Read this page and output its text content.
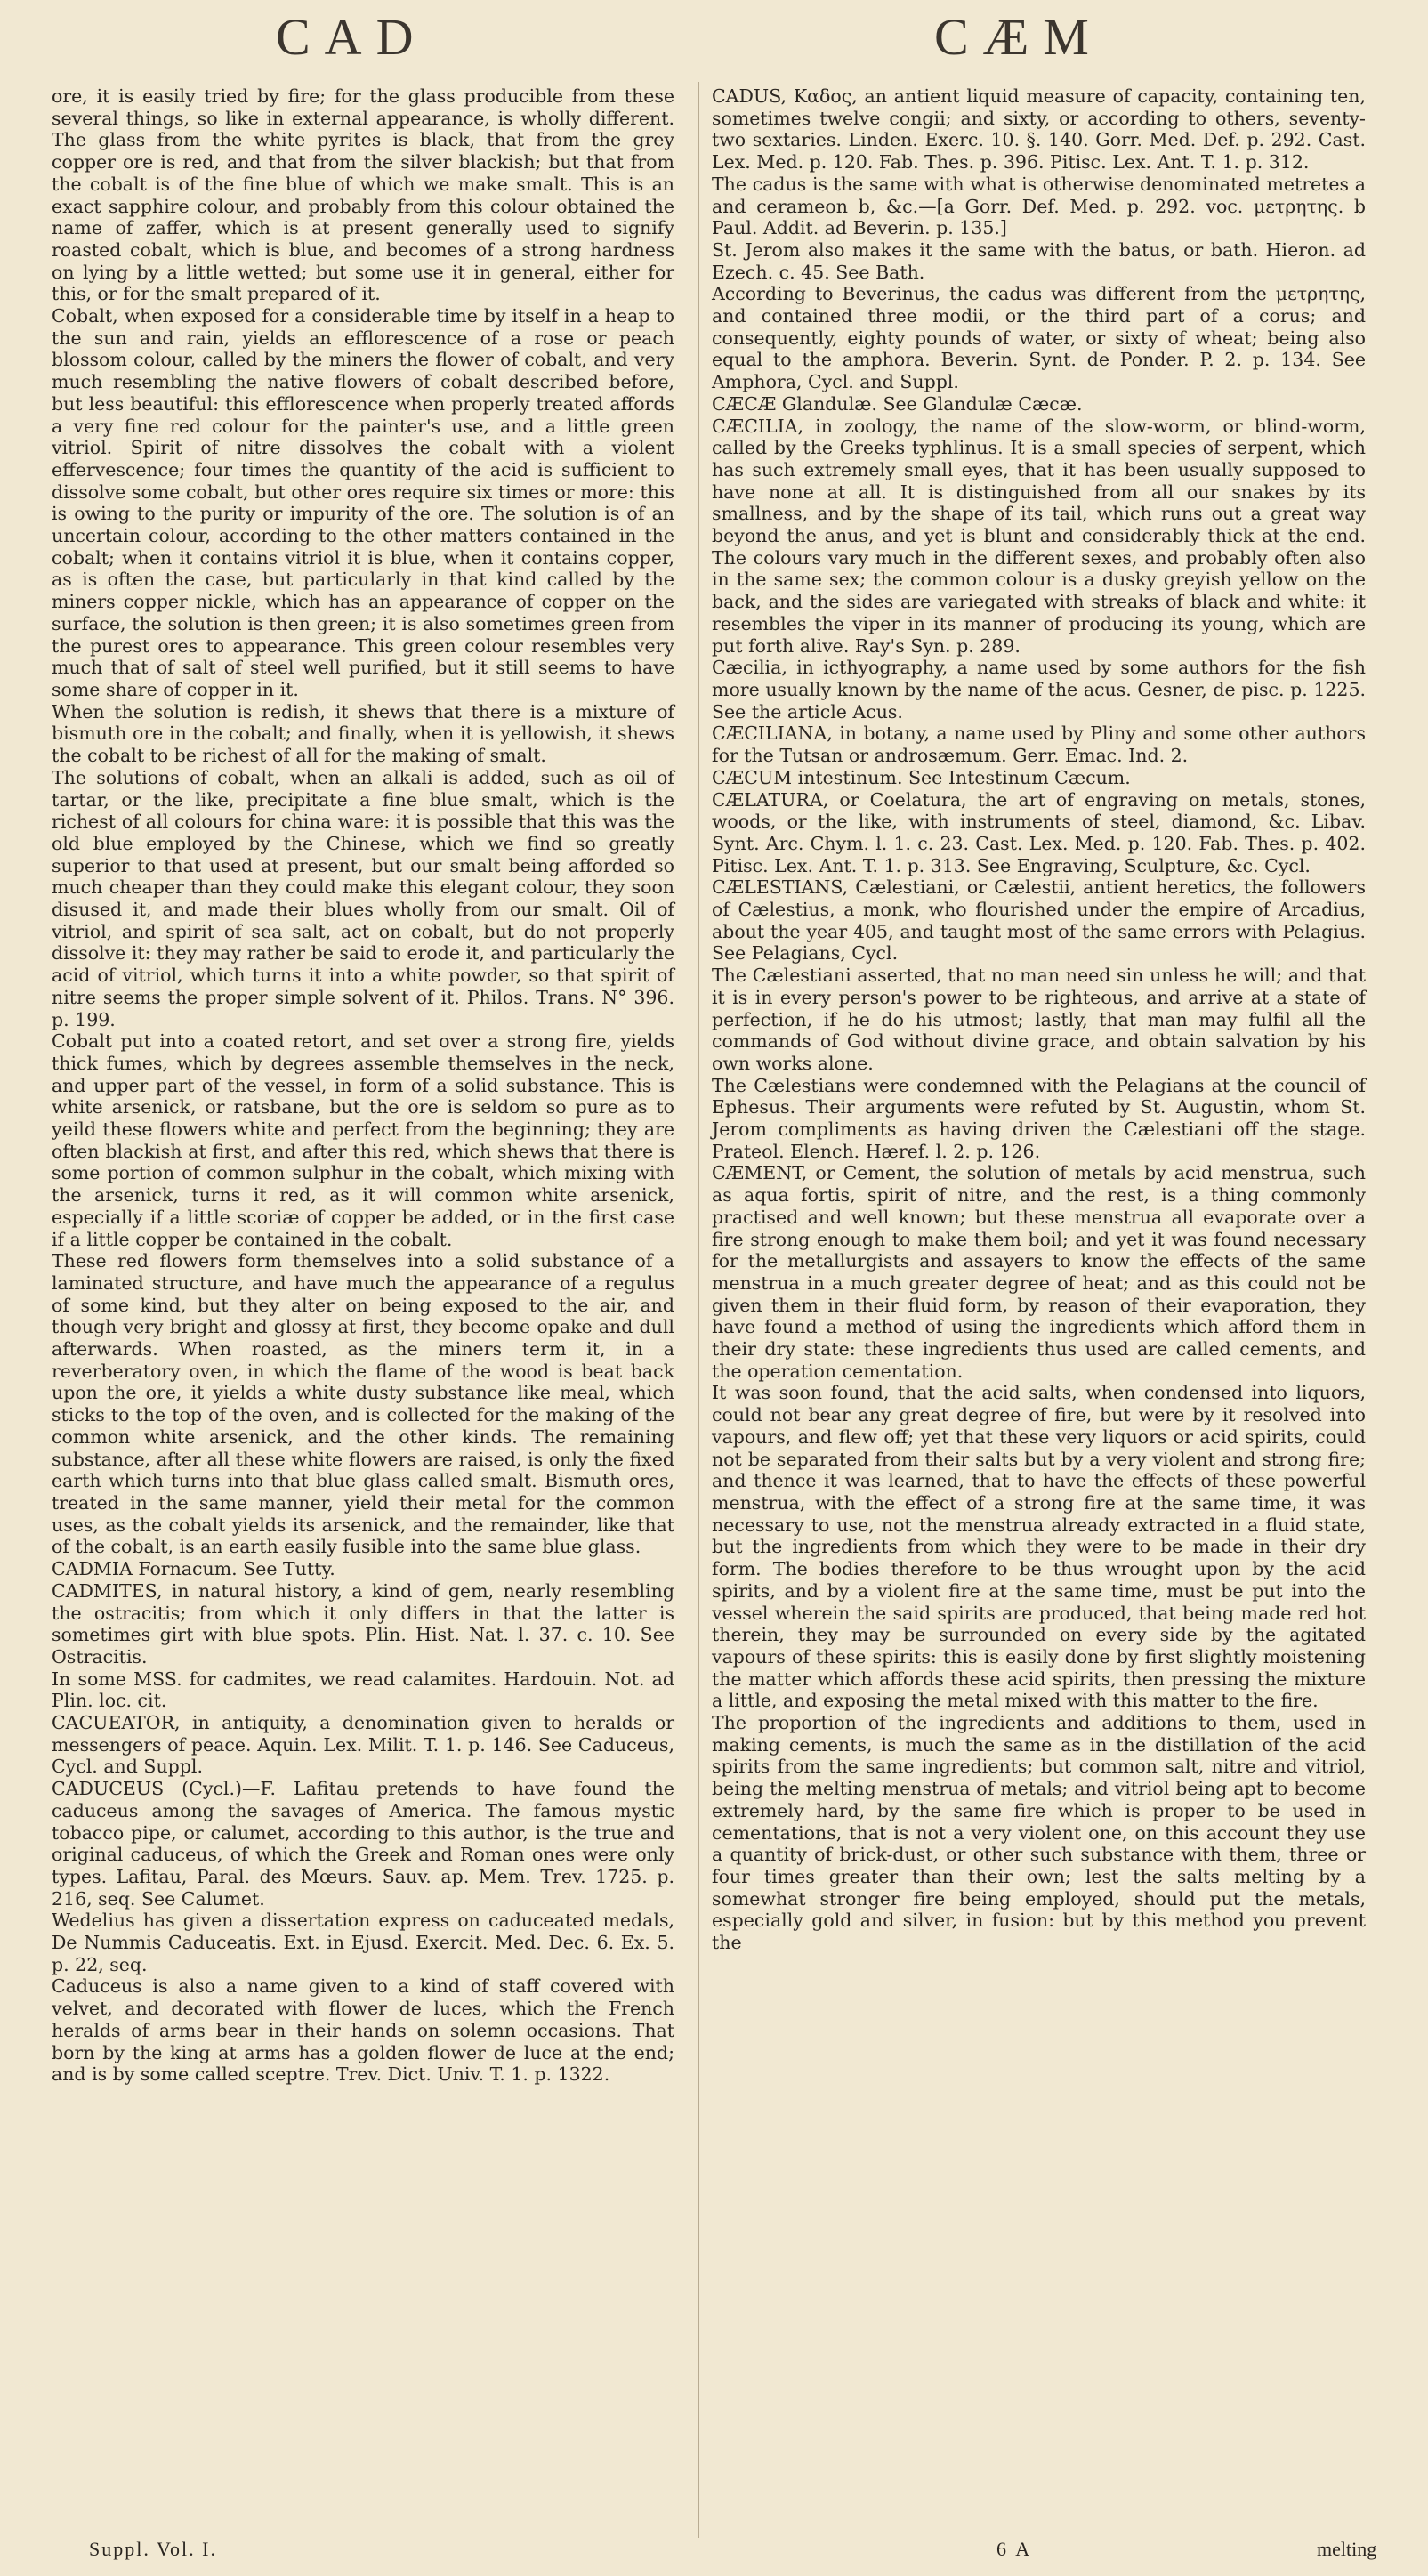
CAD	CÆM

ore, it is easily tried by fire; for the glass producible from these several things, so like in external appearance, is wholly different. The glass from the white pyrites is black, that from the grey copper ore is red, and that from the silver blackish; but that from the cobalt is of the fine blue of which we make smalt. This is an exact sapphire colour, and probably from this colour obtained the name of zaffer, which is at present generally used to signify roasted cobalt, which is blue, and becomes of a strong hardness on lying by a little wetted; but some use it in general, either for this, or for the smalt prepared of it.

Cobalt, when exposed for a considerable time by itself in a heap to the sun and rain, yields an efflorescence of a rose or peach blossom colour, called by the miners the flower of cobalt, and very much resembling the native flowers of cobalt described before, but less beautiful: this efflorescence when properly treated affords a very fine red colour for the painter's use, and a little green vitriol. Spirit of nitre dissolves the cobalt with a violent effervescence; four times the quantity of the acid is sufficient to dissolve some cobalt, but other ores require six times or more: this is owing to the purity or impurity of the ore. The solution is of an uncertain colour, according to the other matters contained in the cobalt; when it contains vitriol it is blue, when it contains copper, as is often the case, but particularly in that kind called by the miners copper nickle, which has an appearance of copper on the surface, the solution is then green; it is also sometimes green from the purest ores to appearance. This green colour resembles very much that of salt of steel well purified, but it still seems to have some share of copper in it.

When the solution is redish, it shews that there is a mixture of bismuth ore in the cobalt; and finally, when it is yellowish, it shews the cobalt to be richest of all for the making of smalt.

The solutions of cobalt, when an alkali is added, such as oil of tartar, or the like, precipitate a fine blue smalt, which is the richest of all colours for china ware: it is possible that this was the old blue employed by the Chinese, which we find so greatly superior to that used at present, but our smalt being afforded so much cheaper than they could make this elegant colour, they soon disused it, and made their blues wholly from our smalt. Oil of vitriol, and spirit of sea salt, act on cobalt, but do not properly dissolve it: they may rather be said to erode it, and particularly the acid of vitriol, which turns it into a white powder, so that spirit of nitre seems the proper simple solvent of it. Philos. Trans. N° 396. p. 199.

Cobalt put into a coated retort, and set over a strong fire, yields thick fumes, which by degrees assemble themselves in the neck, and upper part of the vessel, in form of a solid substance. This is white arsenick, or ratsbane, but the ore is seldom so pure as to yeild these flowers white and perfect from the beginning; they are often blackish at first, and after this red, which shews that there is some portion of common sulphur in the cobalt, which mixing with the arsenick, turns it red, as it will common white arsenick, especially if a little scoriæ of copper be added, or in the first case if a little copper be contained in the cobalt.

These red flowers form themselves into a solid substance of a laminated structure, and have much the appearance of a regulus of some kind, but they alter on being exposed to the air, and though very bright and glossy at first, they become opake and dull afterwards. When roasted, as the miners term it, in a reverberatory oven, in which the flame of the wood is beat back upon the ore, it yields a white dusty substance like meal, which sticks to the top of the oven, and is collected for the making of the common white arsenick, and the other kinds. The remaining substance, after all these white flowers are raised, is only the fixed earth which turns into that blue glass called smalt. Bismuth ores, treated in the same manner, yield their metal for the common uses, as the cobalt yields its arsenick, and the remainder, like that of the cobalt, is an earth easily fusible into the same blue glass.

CADMIA Fornacum. See Tutty.

CADMITES, in natural history, a kind of gem, nearly resembling the ostracitis; from which it only differs in that the latter is sometimes girt with blue spots. Plin. Hist. Nat. l. 37. c. 10. See Ostracitis.

In some MSS. for cadmites, we read calamites. Hardouin. Not. ad Plin. loc. cit.

CACUEATOR, in antiquity, a denomination given to heralds or messengers of peace. Aquin. Lex. Milit. T. 1. p. 146. See Caduceus, Cycl. and Suppl.

CADUCEUS (Cycl.)—F. Lafitau pretends to have found the caduceus among the savages of America. The famous mystic tobacco pipe, or calumet, according to this author, is the true and original caduceus, of which the Greek and Roman ones were only types. Lafitau, Paral. des Mœurs. Sauv. ap. Mem. Trev. 1725. p. 216, seq. See Calumet.

Wedelius has given a dissertation express on caduceated medals, De Nummis Caduceatis. Ext. in Ejusd. Exercit. Med. Dec. 6. Ex. 5. p. 22, seq.

Caduceus is also a name given to a kind of staff covered with velvet, and decorated with flower de luces, which the French heralds of arms bear in their hands on solemn occasions. That born by the king at arms has a golden flower de luce at the end; and is by some called sceptre. Trev. Dict. Univ. T. 1. p. 1322.

CADUS, Καδος, an antient liquid measure of capacity, containing ten, sometimes twelve congii; and sixty, or according to others, seventy-two sextaries. Linden. Exerc. 10. §. 140. Gorr. Med. Def. p. 292. Cast. Lex. Med. p. 120. Fab. Thes. p. 396. Pitisc. Lex. Ant. T. 1. p. 312.

The cadus is the same with what is otherwise denominated metretes a and cerameon b, &c.—[a Gorr. Def. Med. p. 292. voc. μετρητης. b Paul. Addit. ad Beverin. p. 135.]

St. Jerom also makes it the same with the batus, or bath. Hieron. ad Ezech. c. 45. See Bath.

According to Beverinus, the cadus was different from the μετρητης, and contained three modii, or the third part of a corus; and consequently, eighty pounds of water, or sixty of wheat; being also equal to the amphora. Beverin. Synt. de Ponder. P. 2. p. 134. See Amphora, Cycl. and Suppl.

CÆCÆ Glandulæ. See Glandulæ Cæcæ.

CÆCILIA, in zoology, the name of the slow-worm, or blind-worm, called by the Greeks typhlinus. It is a small species of serpent, which has such extremely small eyes, that it has been usually supposed to have none at all. It is distinguished from all our snakes by its smallness, and by the shape of its tail, which runs out a great way beyond the anus, and yet is blunt and considerably thick at the end. The colours vary much in the different sexes, and probably often also in the same sex; the common colour is a dusky greyish yellow on the back, and the sides are variegated with streaks of black and white: it resembles the viper in its manner of producing its young, which are put forth alive. Ray's Syn. p. 289.

Cæcilia, in icthyography, a name used by some authors for the fish more usually known by the name of the acus. Gesner, de pisc. p. 1225. See the article Acus.

CÆCILIANA, in botany, a name used by Pliny and some other authors for the Tutsan or androsæmum. Gerr. Emac. Ind. 2.

CÆCUM intestinum. See Intestinum Cæcum.

CÆLATURA, or Coelatura, the art of engraving on metals, stones, woods, or the like, with instruments of steel, diamond, &c. Libav. Synt. Arc. Chym. l. 1. c. 23. Cast. Lex. Med. p. 120. Fab. Thes. p. 402. Pitisc. Lex. Ant. T. 1. p. 313. See Engraving, Sculpture, &c. Cycl.

CÆLESTIANS, Cælestiani, or Cælestii, antient heretics, the followers of Cælestius, a monk, who flourished under the empire of Arcadius, about the year 405, and taught most of the same errors with Pelagius. See Pelagians, Cycl.

The Cælestiani asserted, that no man need sin unless he will; and that it is in every person's power to be righteous, and arrive at a state of perfection, if he do his utmost; lastly, that man may fulfil all the commands of God without divine grace, and obtain salvation by his own works alone.

The Cælestians were condemned with the Pelagians at the council of Ephesus. Their arguments were refuted by St. Augustin, whom St. Jerom compliments as having driven the Cælestiani off the stage. Prateol. Elench. Hæref. l. 2. p. 126.

CÆMENT, or Cement, the solution of metals by acid menstrua, such as aqua fortis, spirit of nitre, and the rest, is a thing commonly practised and well known; but these menstrua all evaporate over a fire strong enough to make them boil; and yet it was found necessary for the metallurgists and assayers to know the effects of the same menstrua in a much greater degree of heat; and as this could not be given them in their fluid form, by reason of their evaporation, they have found a method of using the ingredients which afford them in their dry state: these ingredients thus used are called cements, and the operation cementation.

It was soon found, that the acid salts, when condensed into liquors, could not bear any great degree of fire, but were by it resolved into vapours, and flew off; yet that these very liquors or acid spirits, could not be separated from their salts but by a very violent and strong fire; and thence it was learned, that to have the effects of these powerful menstrua, with the effect of a strong fire at the same time, it was necessary to use, not the menstrua already extracted in a fluid state, but the ingredients from which they were to be made in their dry form. The bodies therefore to be thus wrought upon by the acid spirits, and by a violent fire at the same time, must be put into the vessel wherein the said spirits are produced, that being made red hot therein, they may be surrounded on every side by the agitated vapours of these spirits: this is easily done by first slightly moistening the matter which affords these acid spirits, then pressing the mixture a little, and exposing the metal mixed with this matter to the fire.

The proportion of the ingredients and additions to them, used in making cements, is much the same as in the distillation of the acid spirits from the same ingredients; but common salt, nitre and vitriol, being the melting menstrua of metals; and vitriol being apt to become extremely hard, by the same fire which is proper to be used in cementations, that is not a very violent one, on this account they use a quantity of brick-dust, or other such substance with them, three or four times greater than their own; lest the salts melting by a somewhat stronger fire being employed, should put the metals, especially gold and silver, in fusion: but by this method you prevent the

Suppl. Vol. I.	6 A	melting
